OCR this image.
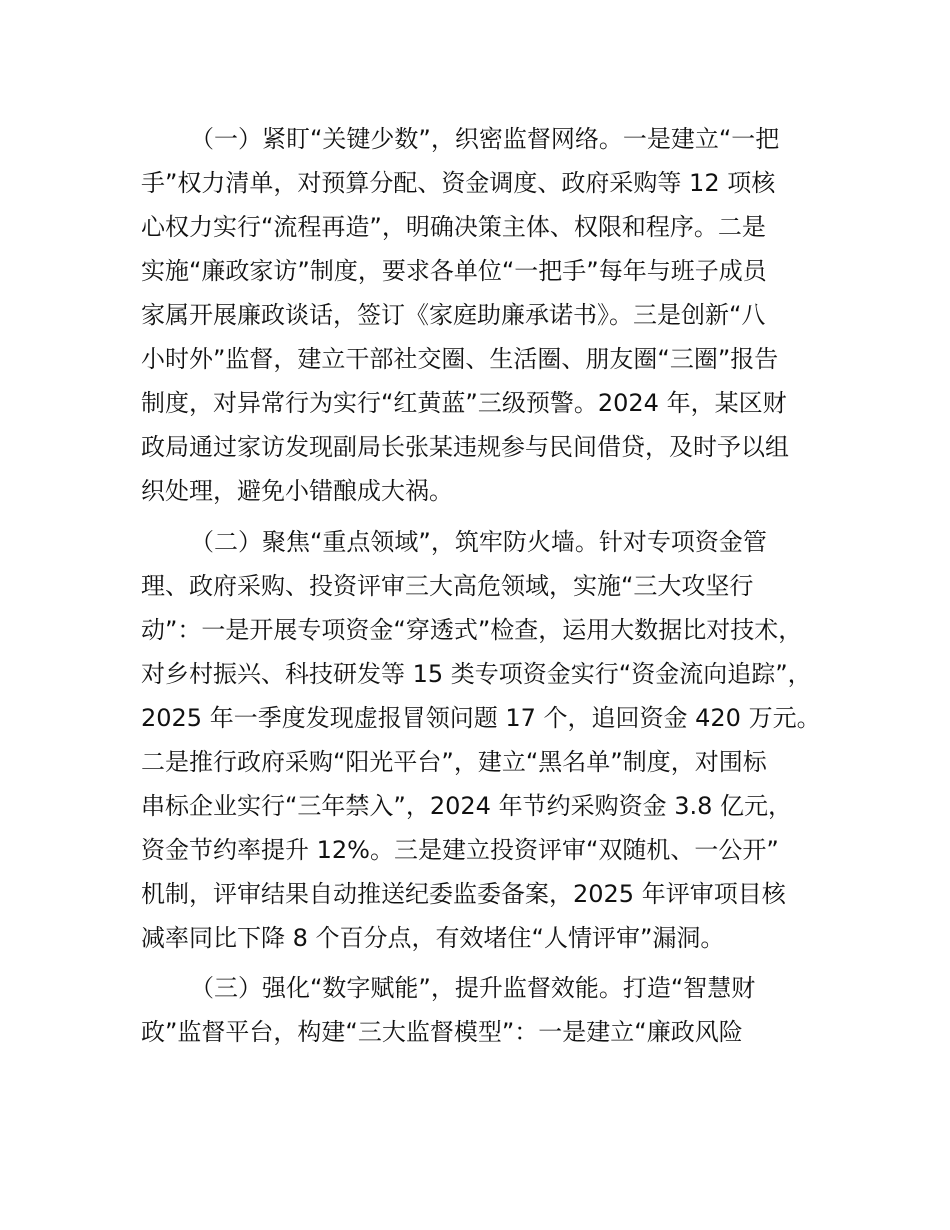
（一）紧盯“关键少数”，织密监督网络。一是建立“一把
手”权力清单，对预算分配、资金调度、政府采购等 12 项核
心权力实行“流程再造”，明确决策主体、权限和程序。二是
实施“廉政家访”制度，要求各单位“一把手”每年与班子成员
家属开展廉政谈话，签订《家庭助廉承诺书》。三是创新“八
小时外”监督，建立干部社交圈、生活圈、朋友圈“三圈”报告
制度，对异常行为实行“红黄蓝”三级预警。2024 年，某区财
政局通过家访发现副局长张某违规参与民间借贷，及时予以组
织处理，避免小错酿成大祸。
（二）聚焦“重点领域”，筑牢防火墙。针对专项资金管
理、政府采购、投资评审三大高危领域，实施“三大攻坚行
动”：一是开展专项资金“穿透式”检查，运用大数据比对技术，
对乡村振兴、科技研发等 15 类专项资金实行“资金流向追踪”，
2025 年一季度发现虚报冒领问题 17 个，追回资金 420 万元。
二是推行政府采购“阳光平台”，建立“黑名单”制度，对围标
串标企业实行“三年禁入”，2024 年节约采购资金 3.8 亿元，
资金节约率提升 12%。三是建立投资评审“双随机、一公开”
机制，评审结果自动推送纪委监委备案，2025 年评审项目核
减率同比下降 8 个百分点，有效堵住“人情评审”漏洞。
（三）强化“数字赋能”，提升监督效能。打造“智慧财
政”监督平台，构建“三大监督模型”：一是建立“廉政风险
